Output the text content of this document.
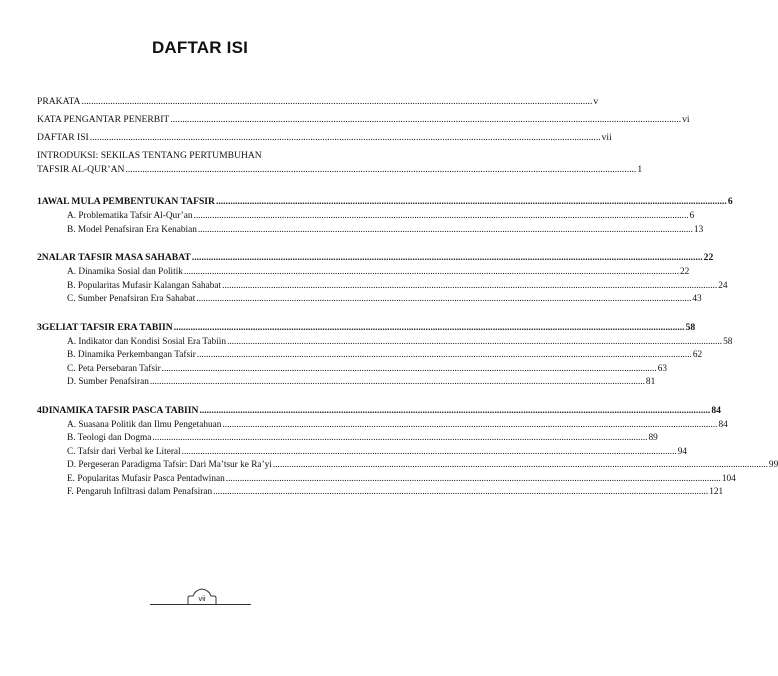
DAFTAR ISI
PRAKATA .....	v
KATA PENGANTAR PENERBIT .....	vi
DAFTAR ISI .....	vii
INTRODUKSI: SEKILAS TENTANG PERTUMBUHAN
TAFSIR AL-QUR’AN .....	1
1 AWAL MULA PEMBENTUKAN TAFSIR .....	6
A. Problematika Tafsir Al-Qur’an .....	6
B. Model Penafsiran Era Kenabian .....	13
2 NALAR TAFSIR MASA SAHABAT .....	22
A. Dinamika Sosial dan Politik .....	22
B. Popularitas Mufasir Kalangan Sahabat .....	24
C. Sumber Penafsiran Era Sahabat .....	43
3 GELIAT TAFSIR ERA TABIIN .....	58
A. Indikator dan Kondisi Sosial Era Tabiin .....	58
B. Dinamika Perkembangan Tafsir .....	62
C. Peta Persebaran Tafsir .....	63
D. Sumber Penafsiran .....	81
4 DINAMIKA TAFSIR PASCA TABIIN .....	84
A. Suasana Politik dan Ilmu Pengetahuan .....	84
B. Teologi dan Dogma .....	89
C. Tafsir dari Verbal ke Literal .....	94
D. Pergeseran Paradigma Tafsir: Dari Ma’tsur ke Ra’yi .....	99
E. Popularitas Mufasir Pasca Pentadwinan .....	104
F. Pengaruh Infiltrasi dalam Penafsiran .....	121
vii
